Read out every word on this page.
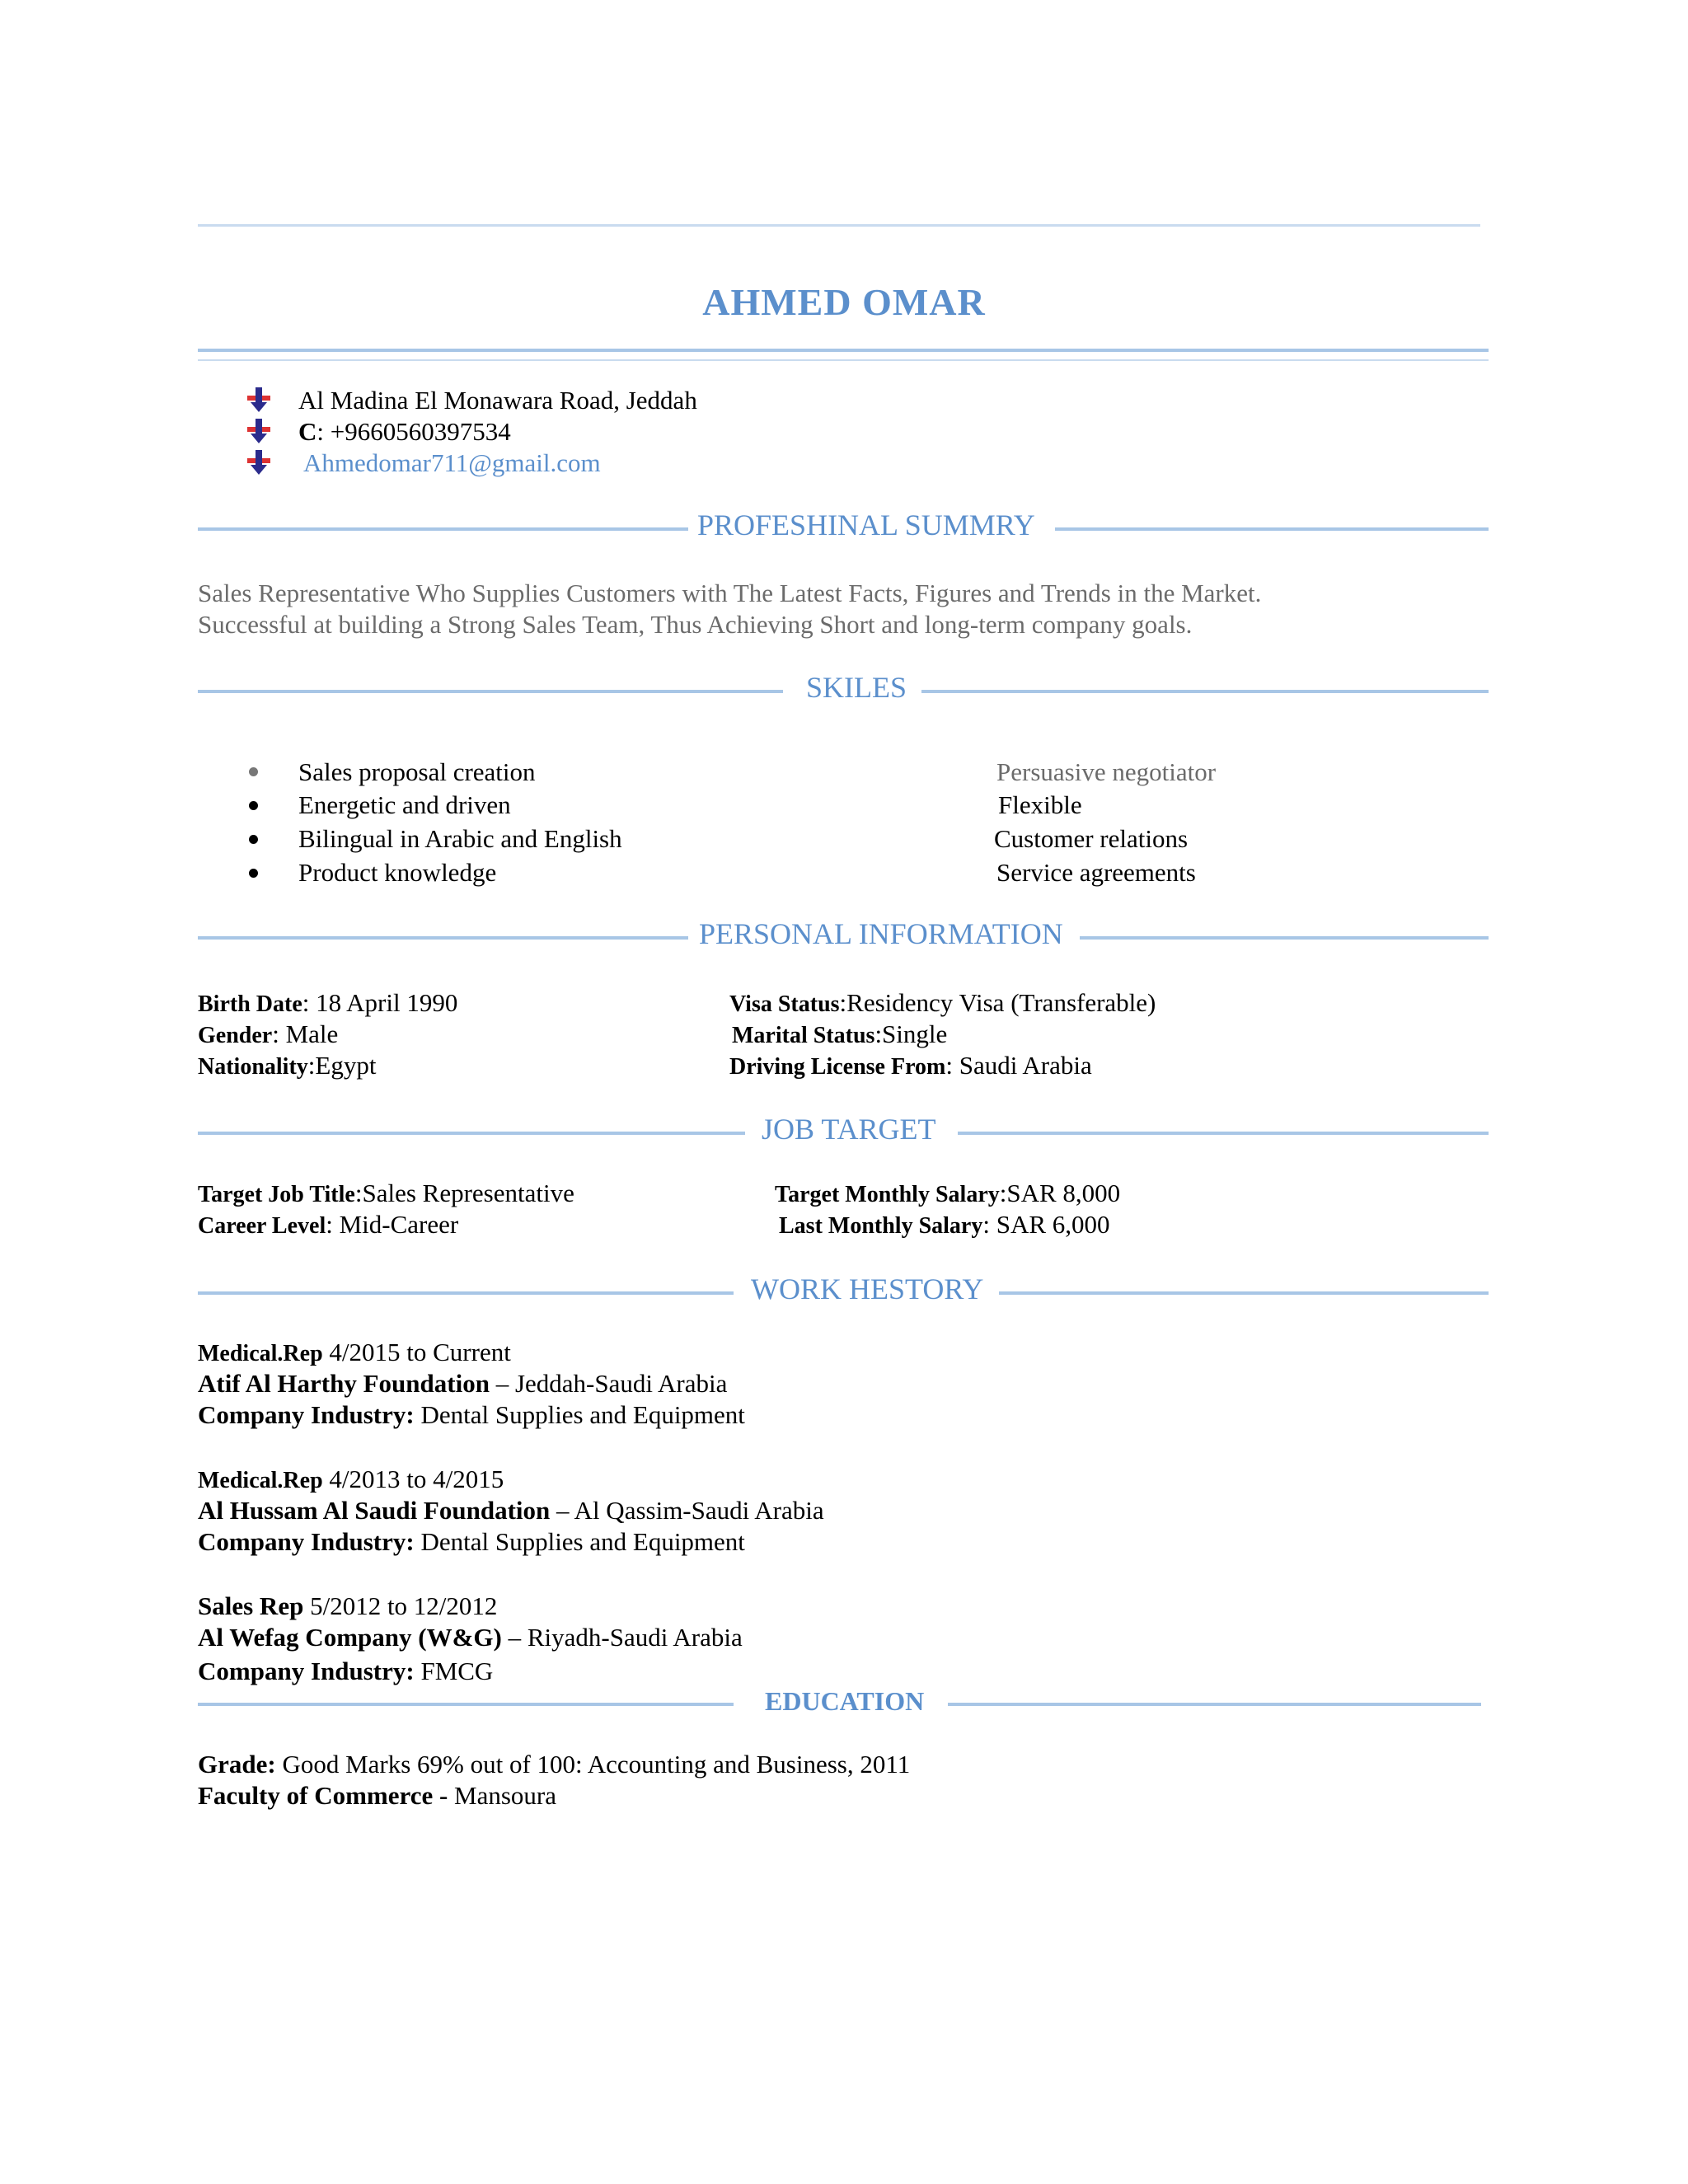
AHMED OMAR
Al Madina El Monawara Road, Jeddah
C: +9660560397534
Ahmedomar711@gmail.com
PROFESHINAL SUMMRY
Sales Representative Who Supplies Customers with The Latest Facts, Figures and Trends in the Market.
Successful at building a Strong Sales Team, Thus Achieving Short and long-term company goals.
SKILES
Sales proposal creation
Energetic and driven
Bilingual in Arabic and English
Product knowledge
Persuasive negotiator
Flexible
Customer relations
Service agreements
PERSONAL INFORMATION
Birth Date: 18 April 1990
Gender: Male
Nationality:Egypt
Visa Status:Residency Visa (Transferable)
Marital Status:Single
Driving License From: Saudi Arabia
JOB TARGET
Target Job Title:Sales Representative
Career Level: Mid-Career
Target Monthly Salary:SAR 8,000
Last Monthly Salary: SAR 6,000
WORK HESTORY
Medical.Rep 4/2015 to Current
Atif Al Harthy Foundation – Jeddah-Saudi Arabia
Company Industry: Dental Supplies and Equipment
Medical.Rep 4/2013 to 4/2015
Al Hussam Al Saudi Foundation – Al Qassim-Saudi Arabia
Company Industry: Dental Supplies and Equipment
Sales Rep 5/2012 to 12/2012
Al Wefag Company (W&G) – Riyadh-Saudi Arabia
Company Industry: FMCG
EDUCATION
Grade: Good Marks 69% out of 100: Accounting and Business, 2011
Faculty of Commerce - Mansoura
